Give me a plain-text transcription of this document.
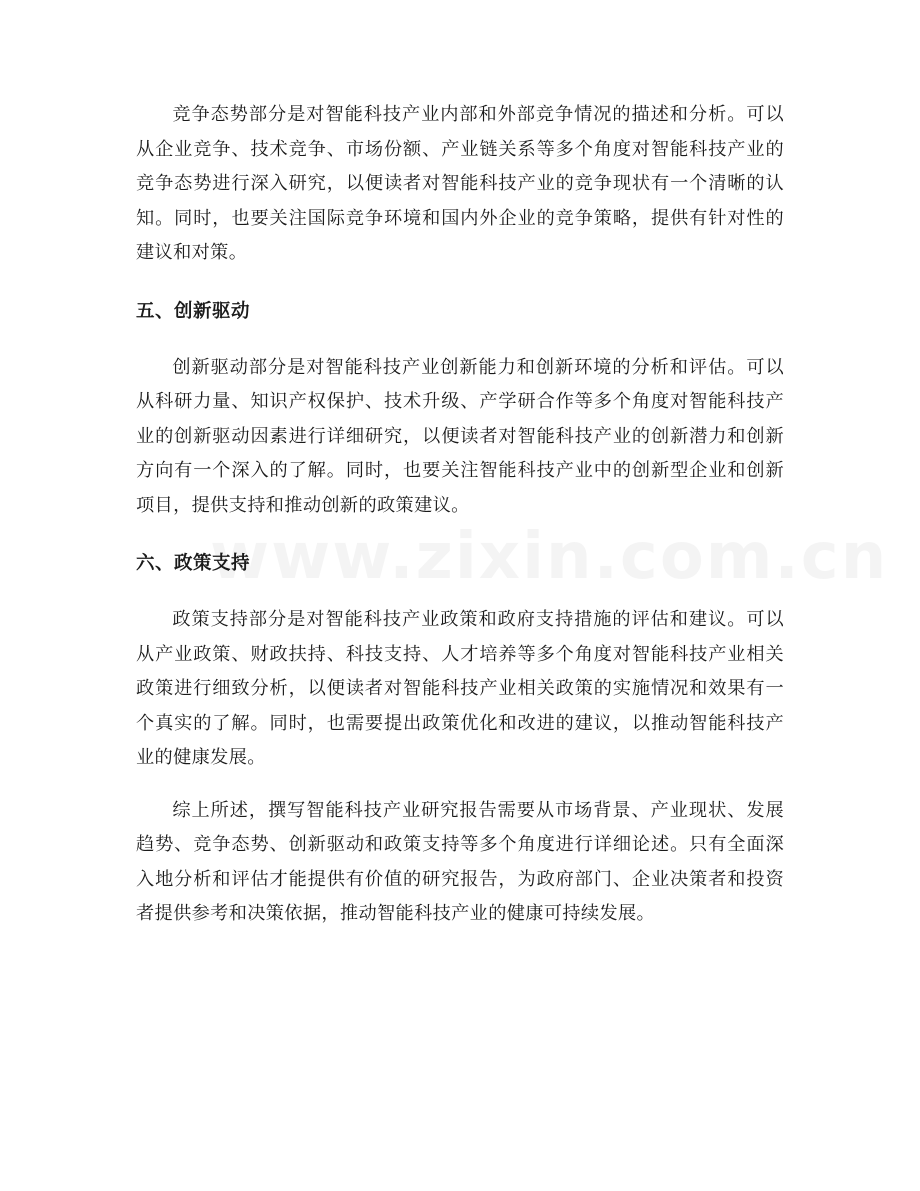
竞争态势部分是对智能科技产业内部和外部竞争情况的描述和分析。可以从企业竞争、技术竞争、市场份额、产业链关系等多个角度对智能科技产业的竞争态势进行深入研究，以便读者对智能科技产业的竞争现状有一个清晰的认知。同时，也要关注国际竞争环境和国内外企业的竞争策略，提供有针对性的建议和对策。

五、创新驱动

创新驱动部分是对智能科技产业创新能力和创新环境的分析和评估。可以从科研力量、知识产权保护、技术升级、产学研合作等多个角度对智能科技产业的创新驱动因素进行详细研究，以便读者对智能科技产业的创新潜力和创新方向有一个深入的了解。同时，也要关注智能科技产业中的创新型企业和创新项目，提供支持和推动创新的政策建议。

六、政策支持

政策支持部分是对智能科技产业政策和政府支持措施的评估和建议。可以从产业政策、财政扶持、科技支持、人才培养等多个角度对智能科技产业相关政策进行细致分析，以便读者对智能科技产业相关政策的实施情况和效果有一个真实的了解。同时，也需要提出政策优化和改进的建议，以推动智能科技产业的健康发展。

综上所述，撰写智能科技产业研究报告需要从市场背景、产业现状、发展趋势、竞争态势、创新驱动和政策支持等多个角度进行详细论述。只有全面深入地分析和评估才能提供有价值的研究报告，为政府部门、企业决策者和投资者提供参考和决策依据，推动智能科技产业的健康可持续发展。
